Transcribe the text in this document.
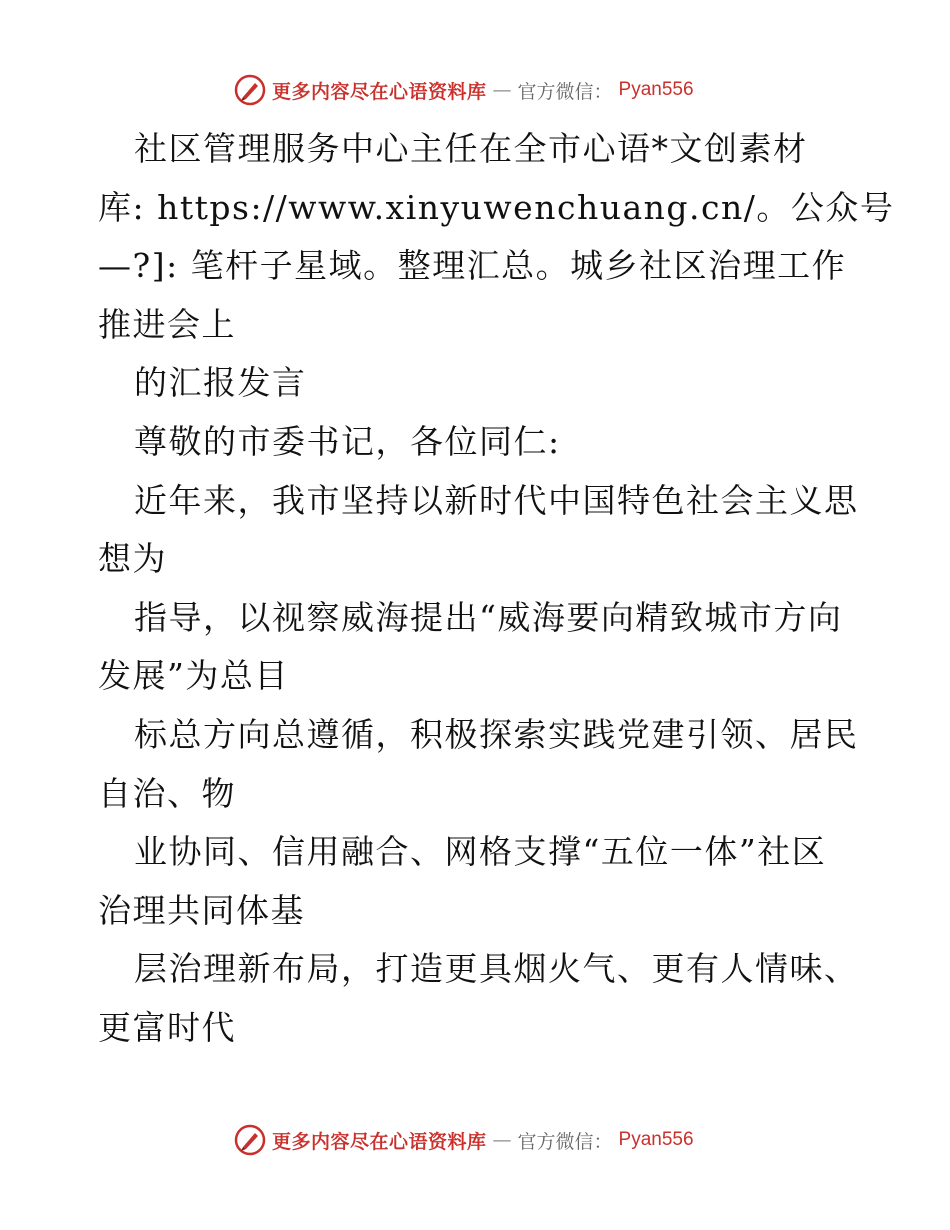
更多内容尽在心语资料库 — 官方微信： Pyan556

社区管理服务中心主任在全市心语*文创素材

库: https://www.xinyuwenchuang.cn/。公众号

—?]: 笔杆子星域。整理汇总。城乡社区治理工作

推进会上

的汇报发言

尊敬的市委书记，各位同仁:

近年来，我市坚持以新时代中国特色社会主义思

想为

指导，以视察威海提出“威海要向精致城市方向

发展”为总目

标总方向总遵循，积极探索实践党建引领、居民

自治、物

业协同、信用融合、网格支撑“五位一体”社区

治理共同体基

层治理新布局，打造更具烟火气、更有人情味、

更富时代

更多内容尽在心语资料库 — 官方微信： Pyan556
